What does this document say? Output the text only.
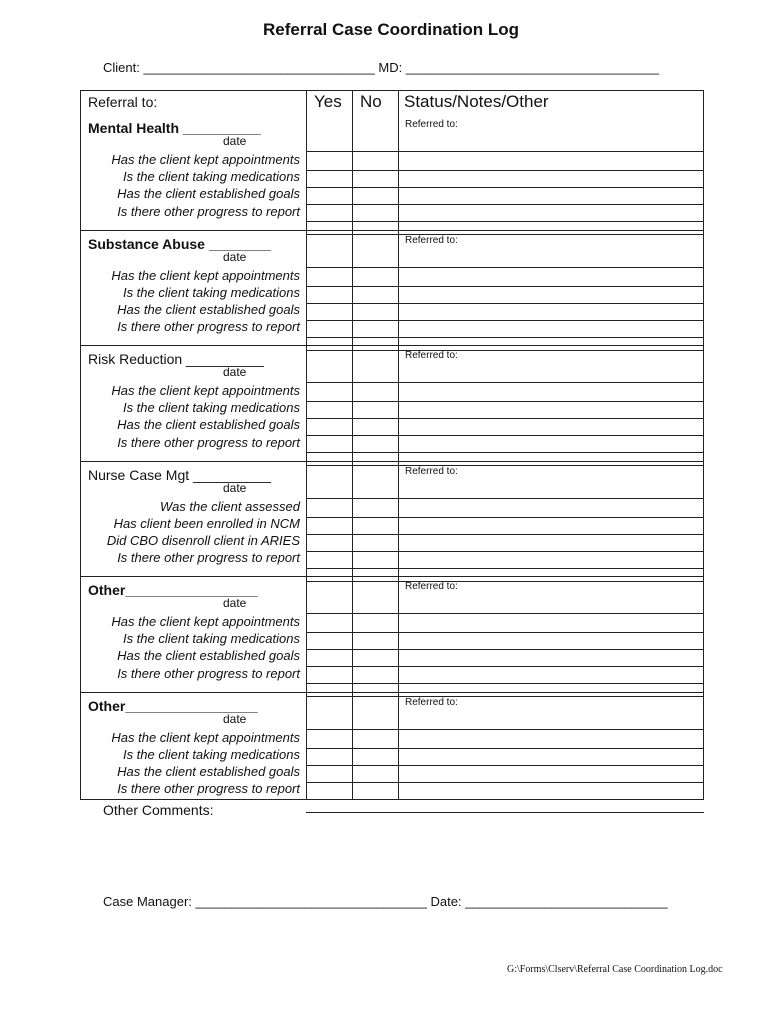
Referral Case Coordination Log
Client: ________________________________ MD: ___________________________________
Referral to:	Yes No Status/Notes/Other
Mental Health __________
date
Referred to:
Has the client kept appointments
Is the client taking medications
Has the client established goals
Is there other progress to report
Substance Abuse ________
date
Referred to:
Has the client kept appointments
Is the client taking medications
Has the client established goals
Is there other progress to report
Risk Reduction __________
date
Referred to:
Has the client kept appointments
Is the client taking medications
Has the client established goals
Is there other progress to report
Nurse Case Mgt __________
date
Referred to:
Was the client assessed
Has client been enrolled in NCM
Did CBO disenroll client in ARIES
Is there other progress to report
Other_________________
date
Referred to:
Has the client kept appointments
Is the client taking medications
Has the client established goals
Is there other progress to report
Other_________________
date
Referred to:
Has the client kept appointments
Is the client taking medications
Has the client established goals
Is there other progress to report
Other Comments:
Case Manager: ________________________________ Date: ____________________________
G:\Forms\Clserv\Referral Case Coordination Log.doc
